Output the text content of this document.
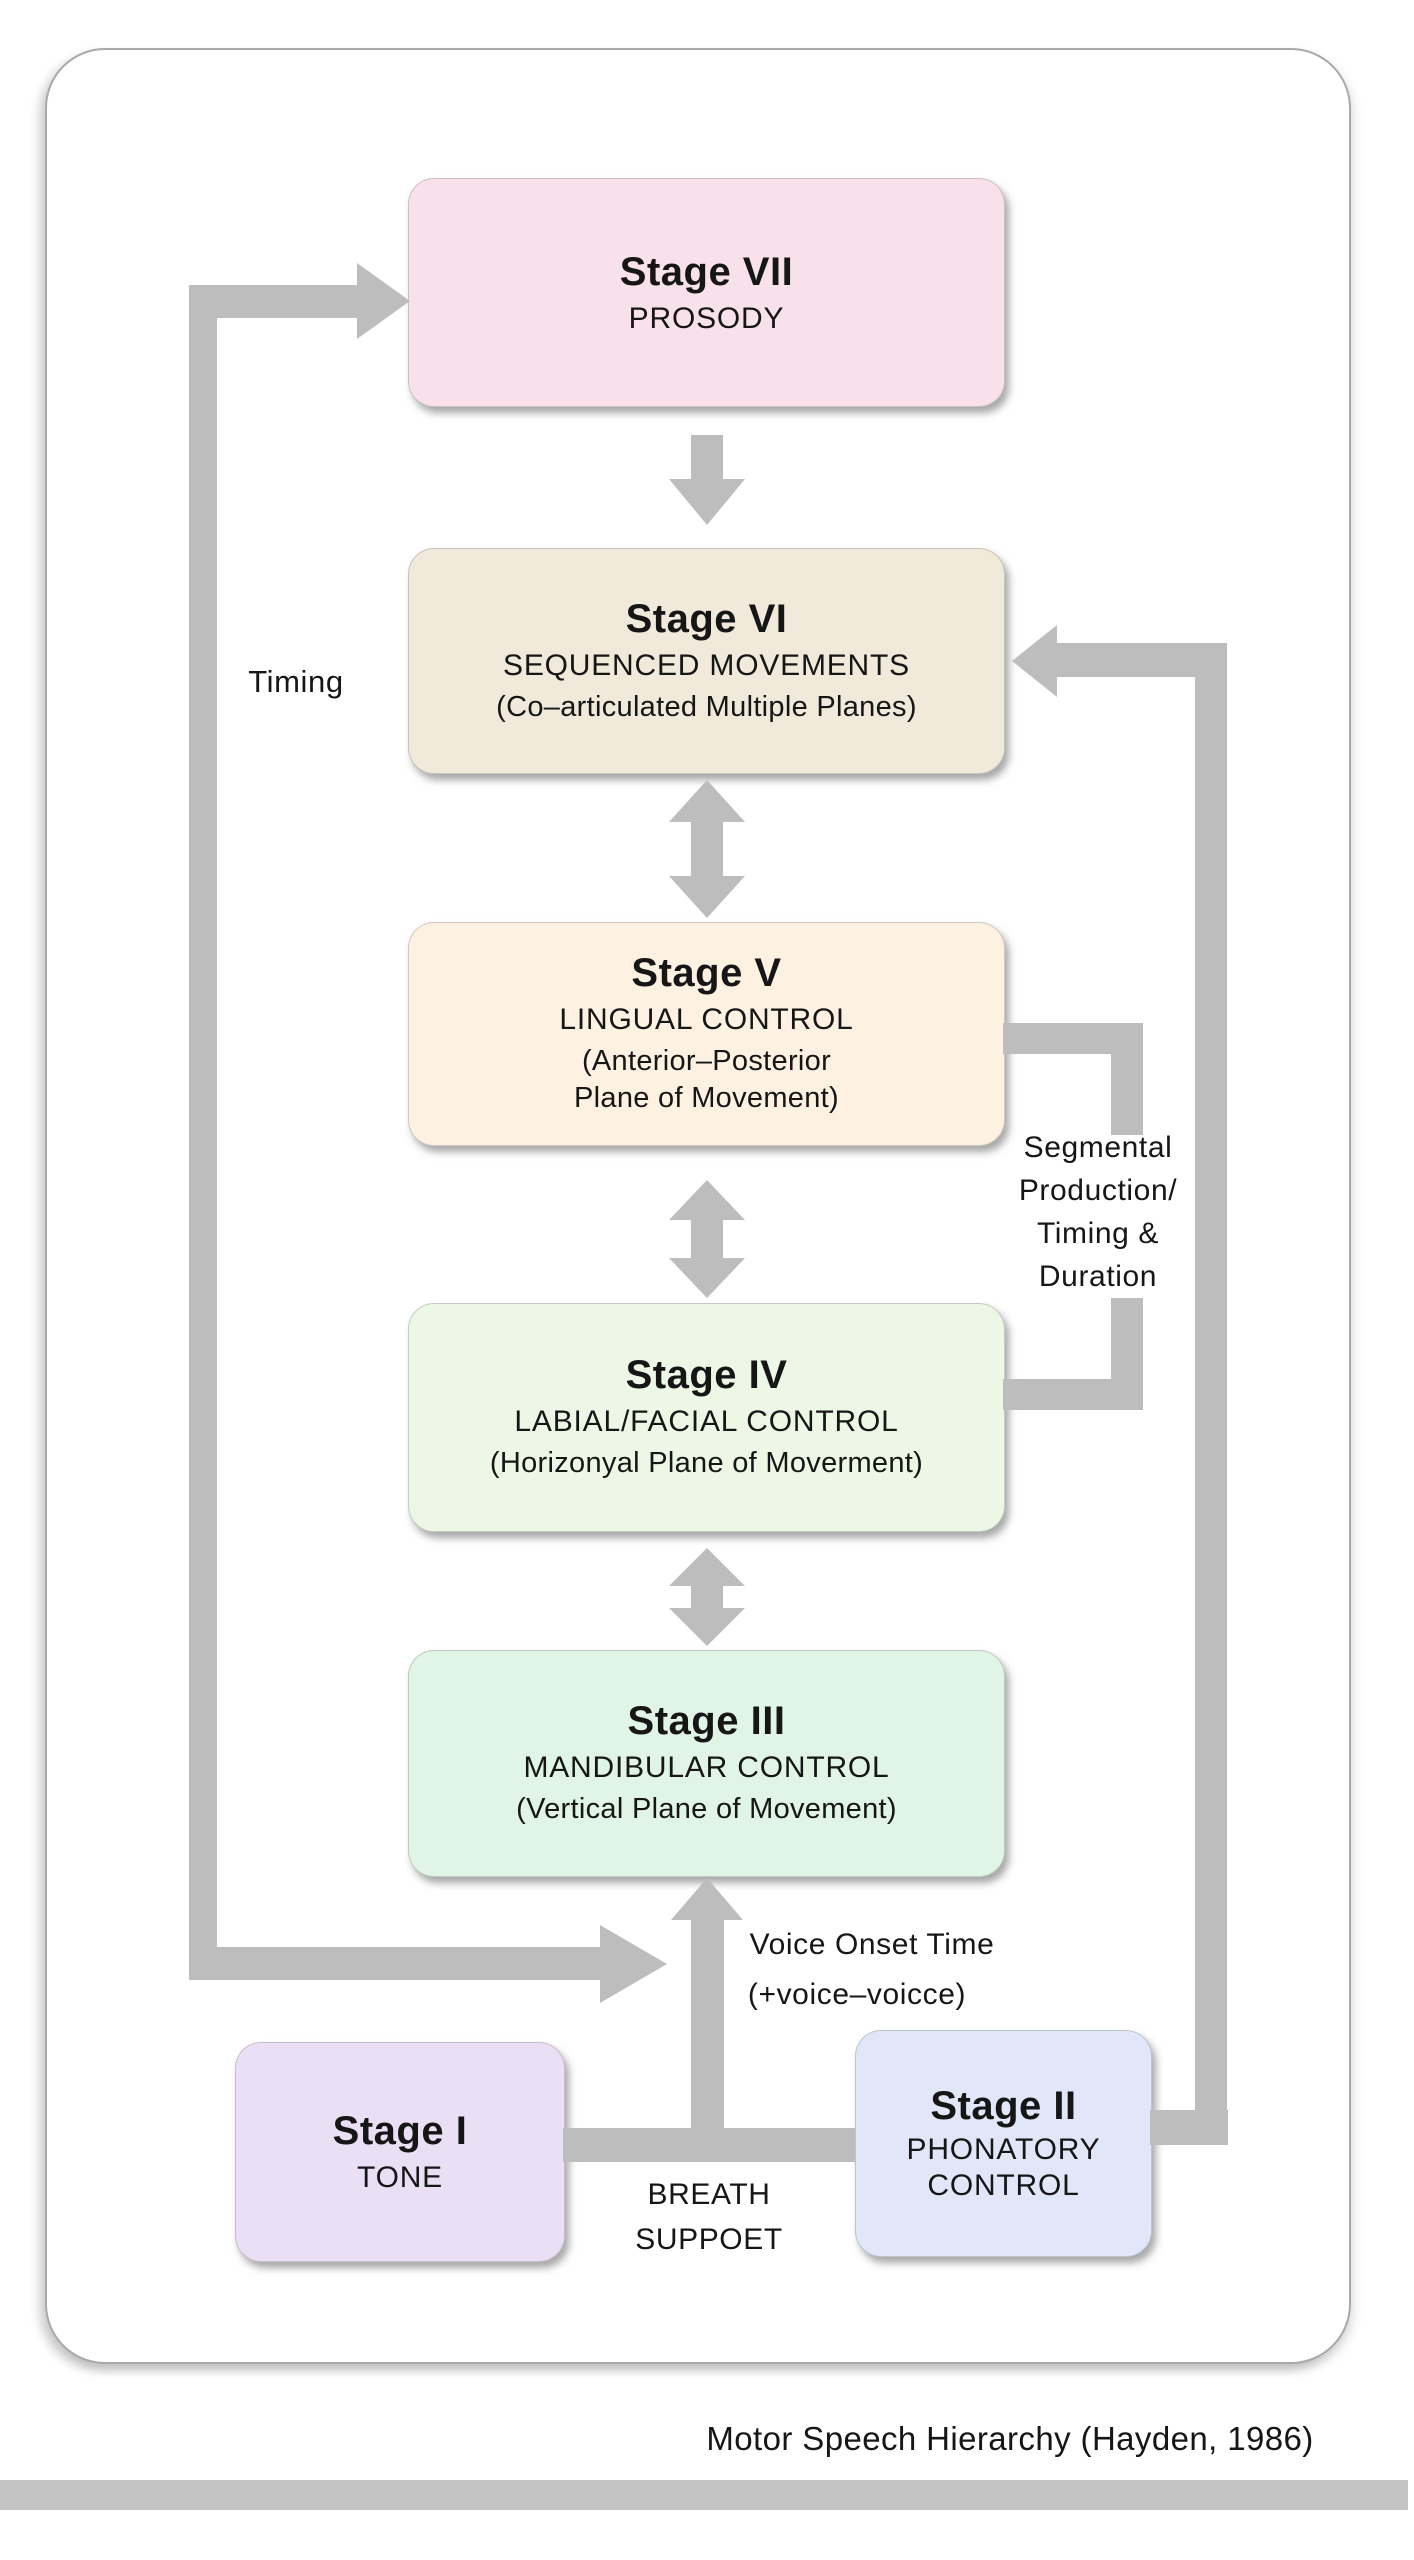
Stage VII
PROSODY
Stage VI
SEQUENCED MOVEMENTS
(Co–articulated Multiple Planes)
Stage V
LINGUAL CONTROL
(Anterior–Posterior
Plane of Movement)
Stage IV
LABIAL/FACIAL CONTROL
(Horizonyal Plane of Moverment)
Stage III
MANDIBULAR CONTROL
(Vertical Plane of Movement)
Stage I
TONE
Stage II
PHONATORY
CONTROL
Timing
Segmental
Production/
Timing &
Duration
Voice Onset Time
(+voice–voicce)
BREATH
SUPPOET
Motor Speech Hierarchy (Hayden, 1986)
